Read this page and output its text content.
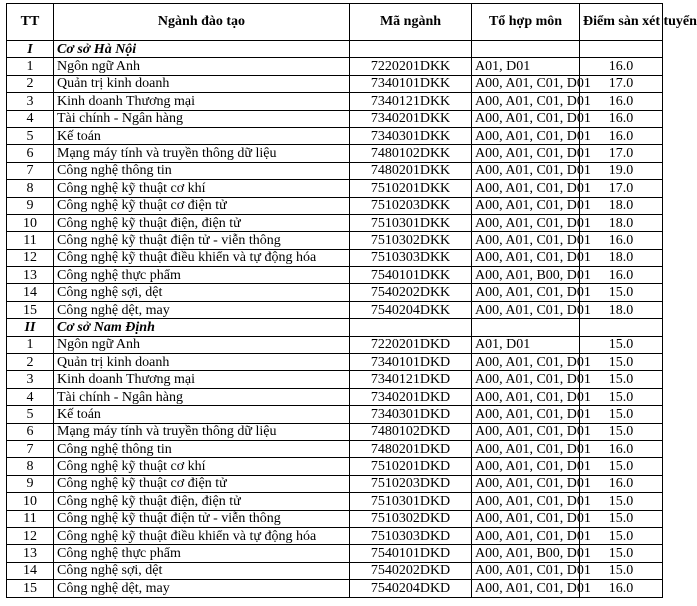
TT	Ngành đào tạo	Mã ngành	Tổ hợp môn	Điểm sàn xét tuyển
I	Cơ sở Hà Nội			
1	Ngôn ngữ Anh	7220201DKK	A01, D01	16.0
2	Quản trị kinh doanh	7340101DKK	A00, A01, C01, D01	17.0
3	Kinh doanh Thương mại	7340121DKK	A00, A01, C01, D01	16.0
4	Tài chính - Ngân hàng	7340201DKK	A00, A01, C01, D01	16.0
5	Kế toán	7340301DKK	A00, A01, C01, D01	16.0
6	Mạng máy tính và truyền thông dữ liệu	7480102DKK	A00, A01, C01, D01	17.0
7	Công nghệ thông tin	7480201DKK	A00, A01, C01, D01	19.0
8	Công nghệ kỹ thuật cơ khí	7510201DKK	A00, A01, C01, D01	17.0
9	Công nghệ kỹ thuật cơ điện tử	7510203DKK	A00, A01, C01, D01	18.0
10	Công nghệ kỹ thuật điện, điện tử	7510301DKK	A00, A01, C01, D01	18.0
11	Công nghệ kỹ thuật điện tử - viễn thông	7510302DKK	A00, A01, C01, D01	16.0
12	Công nghệ kỹ thuật điều khiển và tự động hóa	7510303DKK	A00, A01, C01, D01	18.0
13	Công nghệ thực phẩm	7540101DKK	A00, A01, B00, D01	16.0
14	Công nghệ sợi, dệt	7540202DKK	A00, A01, C01, D01	15.0
15	Công nghệ dệt, may	7540204DKK	A00, A01, C01, D01	18.0
II	Cơ sở Nam Định			
1	Ngôn ngữ Anh	7220201DKD	A01, D01	15.0
2	Quản trị kinh doanh	7340101DKD	A00, A01, C01, D01	15.0
3	Kinh doanh Thương mại	7340121DKD	A00, A01, C01, D01	15.0
4	Tài chính - Ngân hàng	7340201DKD	A00, A01, C01, D01	15.0
5	Kế toán	7340301DKD	A00, A01, C01, D01	15.0
6	Mạng máy tính và truyền thông dữ liệu	7480102DKD	A00, A01, C01, D01	15.0
7	Công nghệ thông tin	7480201DKD	A00, A01, C01, D01	16.0
8	Công nghệ kỹ thuật cơ khí	7510201DKD	A00, A01, C01, D01	15.0
9	Công nghệ kỹ thuật cơ điện tử	7510203DKD	A00, A01, C01, D01	16.0
10	Công nghệ kỹ thuật điện, điện tử	7510301DKD	A00, A01, C01, D01	15.0
11	Công nghệ kỹ thuật điện tử - viễn thông	7510302DKD	A00, A01, C01, D01	15.0
12	Công nghệ kỹ thuật điều khiển và tự động hóa	7510303DKD	A00, A01, C01, D01	15.0
13	Công nghệ thực phẩm	7540101DKD	A00, A01, B00, D01	15.0
14	Công nghệ sợi, dệt	7540202DKD	A00, A01, C01, D01	15.0
15	Công nghệ dệt, may	7540204DKD	A00, A01, C01, D01	16.0
